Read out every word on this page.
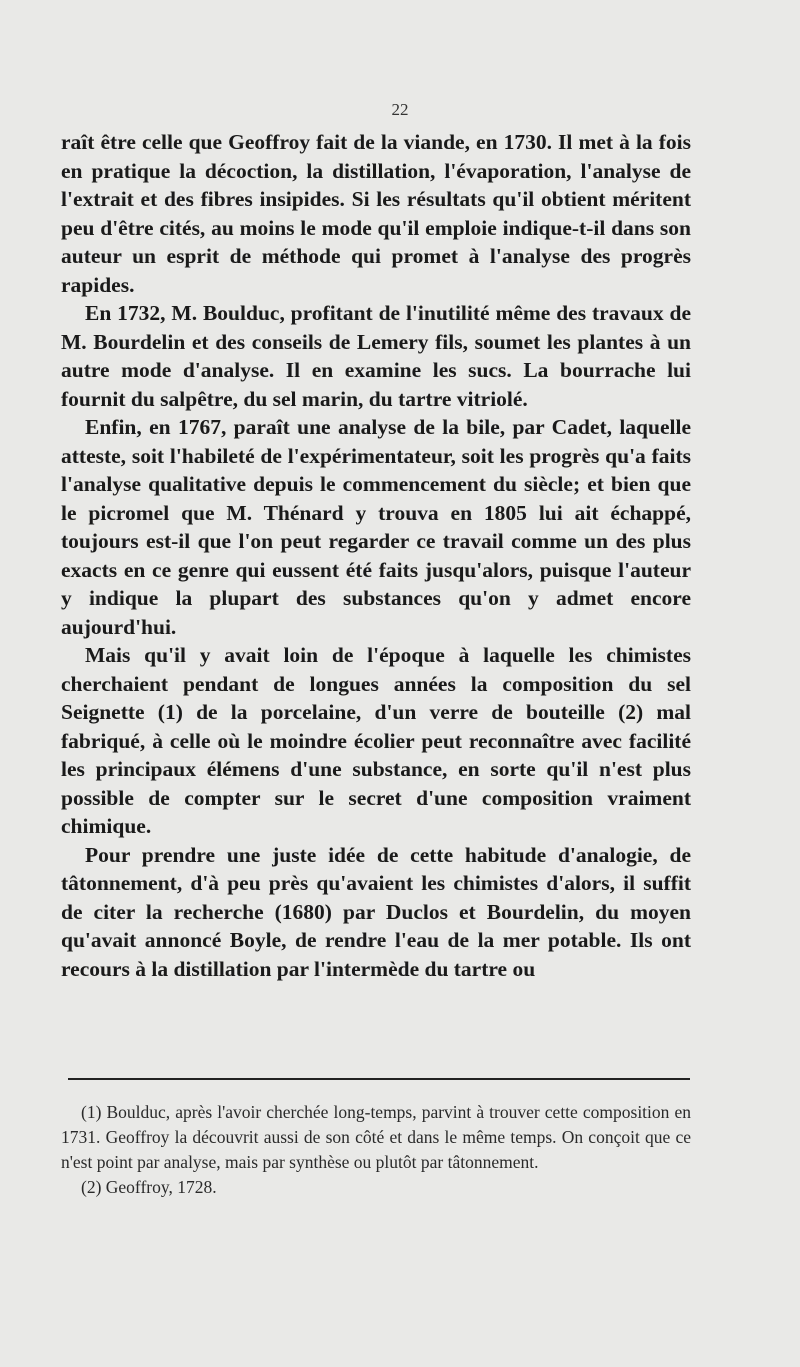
22

raît être celle que Geoffroy fait de la viande, en 1730. Il met à la fois en pratique la décoction, la distillation, l'évaporation, l'analyse de l'extrait et des fibres insipides. Si les résultats qu'il obtient méritent peu d'être cités, au moins le mode qu'il emploie indique-t-il dans son auteur un esprit de méthode qui promet à l'analyse des progrès rapides.

En 1732, M. Boulduc, profitant de l'inutilité même des travaux de M. Bourdelin et des conseils de Lemery fils, soumet les plantes à un autre mode d'analyse. Il en examine les sucs. La bourrache lui fournit du salpêtre, du sel marin, du tartre vitriolé.

Enfin, en 1767, paraît une analyse de la bile, par Cadet, laquelle atteste, soit l'habileté de l'expérimentateur, soit les progrès qu'a faits l'analyse qualitative depuis le commencement du siècle; et bien que le picromel que M. Thénard y trouva en 1805 lui ait échappé, toujours est-il que l'on peut regarder ce travail comme un des plus exacts en ce genre qui eussent été faits jusqu'alors, puisque l'auteur y indique la plupart des substances qu'on y admet encore aujourd'hui.

Mais qu'il y avait loin de l'époque à laquelle les chimistes cherchaient pendant de longues années la composition du sel Seignette (1) de la porcelaine, d'un verre de bouteille (2) mal fabriqué, à celle où le moindre écolier peut reconnaître avec facilité les principaux élémens d'une substance, en sorte qu'il n'est plus possible de compter sur le secret d'une composition vraiment chimique.

Pour prendre une juste idée de cette habitude d'analogie, de tâtonnement, d'à peu près qu'avaient les chimistes d'alors, il suffit de citer la recherche (1680) par Duclos et Bourdelin, du moyen qu'avait annoncé Boyle, de rendre l'eau de la mer potable. Ils ont recours à la distillation par l'intermède du tartre ou

(1) Boulduc, après l'avoir cherchée long-temps, parvint à trouver cette composition en 1731. Geoffroy la découvrit aussi de son côté et dans le même temps. On conçoit que ce n'est point par analyse, mais par synthèse ou plutôt par tâtonnement.

(2) Geoffroy, 1728.
